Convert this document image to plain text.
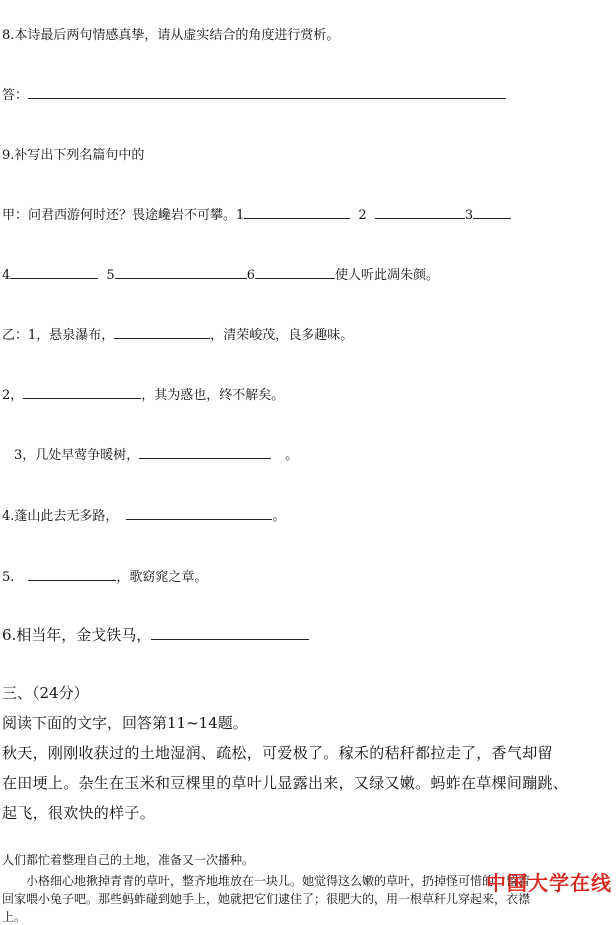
8.本诗最后两句情感真挚，请从虚实结合的角度进行赏析。
答：
9.补写出下列名篇句中的
甲：问君西游何时还？畏途巉岩不可攀。1	2	3
4	5	6	使人听此凋朱颜。
乙：1，悬泉瀑布，	，清荣峻茂，良多趣味。
2，	，其为惑也，终不解矣。
3，几处早莺争暖树，	。
4.蓬山此去无多路，	。
5.	，歌窈窕之章。
6.相当年，金戈铁马，
三、（24分）
阅读下面的文字，回答第11~14题。
秋天，刚刚收获过的土地湿润、疏松，可爱极了。稼禾的秸秆都拉走了，香气却留
在田埂上。杂生在玉米和豆棵里的草叶儿显露出来，又绿又嫩。蚂蚱在草棵间蹦跳、
起飞，很欢快的样子。
人们都忙着整理自己的土地，准备又一次播种。
小格细心地揪掉青青的草叶，整齐地堆放在一块儿。她觉得这么嫩的草叶，扔掉怪可惜的，留着
回家喂小兔子吧。那些蚂蚱碰到她手上，她就把它们逮住了；很肥大的，用一根草秆儿穿起来，衣襟
上。
中国大学在线
